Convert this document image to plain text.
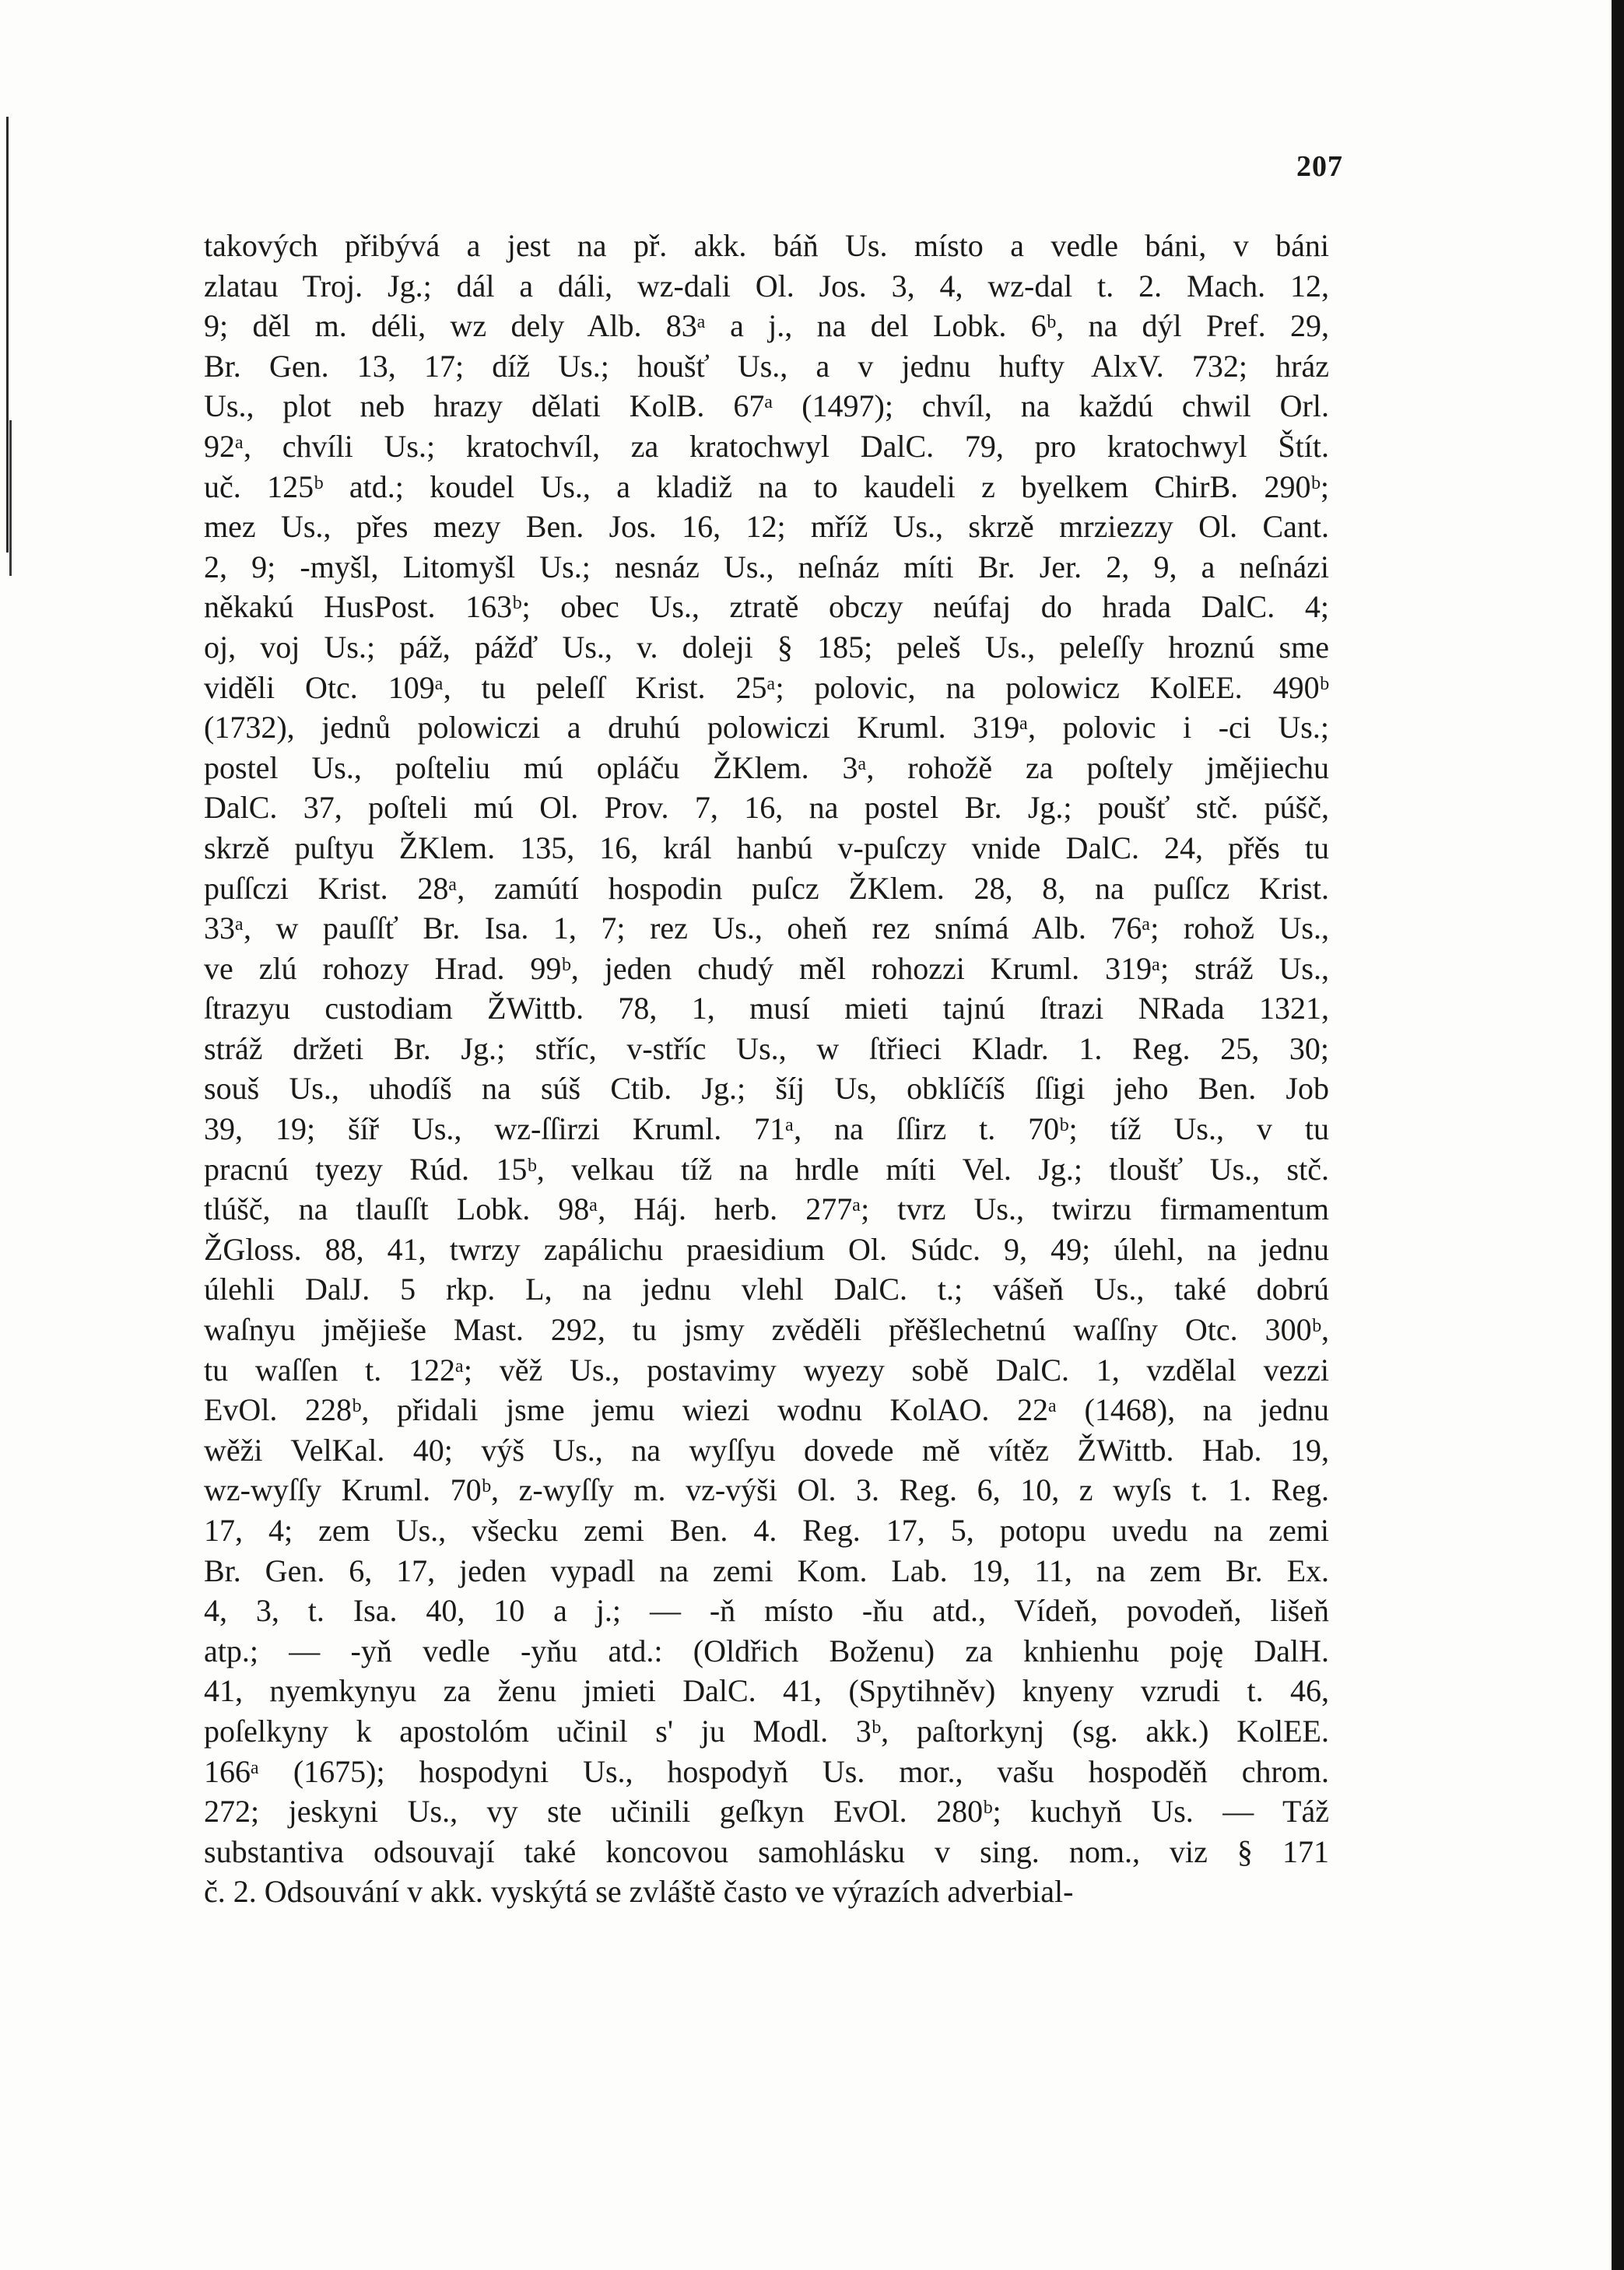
207
takových přibývá a jest na př. akk. báň Us. místo a vedle báni, v báni
zlatau Troj. Jg.; dál a dáli, wz-dali Ol. Jos. 3, 4, wz-dal t. 2. Mach. 12,
9; děl m. déli, wz dely Alb. 83ᵃ a j., na del Lobk. 6ᵇ, na dýl Pref. 29,
Br. Gen. 13, 17; díž Us.; houšť Us., a v jednu hufty AlxV. 732; hráz
Us., plot neb hrazy dělati KolB. 67ᵃ (1497); chvíl, na každú chwil Orl.
92ᵃ, chvíli Us.; kratochvíl, za kratochwyl DalC. 79, pro kratochwyl Štít.
uč. 125ᵇ atd.; koudel Us., a kladiž na to kaudeli z byelkem ChirB. 290ᵇ;
mez Us., přes mezy Ben. Jos. 16, 12; mříž Us., skrzě mrziezzy Ol. Cant.
2, 9; -myšl, Litomyšl Us.; nesnáz Us., neſnáz míti Br. Jer. 2, 9, a neſnázi
někakú HusPost. 163ᵇ; obec Us., ztratě obczy neúfaj do hrada DalC. 4;
oj, voj Us.; páž, pážď Us., v. doleji § 185; peleš Us., peleſſy hroznú sme
viděli Otc. 109ᵃ, tu peleſſ Krist. 25ᵃ; polovic, na polowicz KolEE. 490ᵇ
(1732), jednů polowiczi a druhú polowiczi Kruml. 319ᵃ, polovic i -ci Us.;
postel Us., poſteliu mú opláču ŽKlem. 3ᵃ, rohožě za poſtely jmějiechu
DalC. 37, poſteli mú Ol. Prov. 7, 16, na postel Br. Jg.; poušť stč. púšč,
skrzě puſtyu ŽKlem. 135, 16, král hanbú v-puſczy vnide DalC. 24, přěs tu
puſſczi Krist. 28ᵃ, zamútí hospodin puſcz ŽKlem. 28, 8, na puſſcz Krist.
33ᵃ, w pauſſť Br. Isa. 1, 7; rez Us., oheň rez snímá Alb. 76ᵃ; rohož Us.,
ve zlú rohozy Hrad. 99ᵇ, jeden chudý měl rohozzi Kruml. 319ᵃ; stráž Us.,
ſtrazyu custodiam ŽWittb. 78, 1, musí mieti tajnú ſtrazi NRada 1321,
stráž držeti Br. Jg.; stříc, v-stříc Us., w ſtřieci Kladr. 1. Reg. 25, 30;
souš Us., uhodíš na súš Ctib. Jg.; šíj Us, obklíčíš ſſigi jeho Ben. Job
39, 19; šíř Us., wz-ſſirzi Kruml. 71ᵃ, na ſſirz t. 70ᵇ; tíž Us., v tu
pracnú tyezy Rúd. 15ᵇ, velkau tíž na hrdle míti Vel. Jg.; tloušť Us., stč.
tlúšč, na tlauſſt Lobk. 98ᵃ, Háj. herb. 277ᵃ; tvrz Us., twirzu firmamentum
ŽGloss. 88, 41, twrzy zapálichu praesidium Ol. Súdc. 9, 49; úlehl, na jednu
úlehli DalJ. 5 rkp. L, na jednu vlehl DalC. t.; vášeň Us., také dobrú
waſnyu jmějieše Mast. 292, tu jsmy zvěděli přěšlechetnú waſſny Otc. 300ᵇ,
tu waſſen t. 122ᵃ; věž Us., postavimy wyezy sobě DalC. 1, vzdělal vezzi
EvOl. 228ᵇ, přidali jsme jemu wiezi wodnu KolAO. 22ᵃ (1468), na jednu
wěži VelKal. 40; výš Us., na wyſſyu dovede mě vítěz ŽWittb. Hab. 19,
wz-wyſſy Kruml. 70ᵇ, z-wyſſy m. vz-výši Ol. 3. Reg. 6, 10, z wyſs t. 1. Reg.
17, 4; zem Us., všecku zemi Ben. 4. Reg. 17, 5, potopu uvedu na zemi
Br. Gen. 6, 17, jeden vypadl na zemi Kom. Lab. 19, 11, na zem Br. Ex.
4, 3, t. Isa. 40, 10 a j.; — -ň místo -ňu atd., Vídeň, povodeň, lišeň
atp.; — -yň vedle -yňu atd.: (Oldřich Boženu) za knhienhu poję DalH.
41, nyemkynyu za ženu jmieti DalC. 41, (Spytihněv) knyeny vzrudi t. 46,
poſelkyny k apostolóm učinil s' ju Modl. 3ᵇ, paſtorkynj (sg. akk.) KolEE.
166ᵃ (1675); hospodyni Us., hospodyň Us. mor., vašu hospoděň chrom.
272; jeskyni Us., vy ste učinili geſkyn EvOl. 280ᵇ; kuchyň Us. — Táž
substantiva odsouvají také koncovou samohlásku v sing. nom., viz § 171
č. 2. Odsouvání v akk. vyskýtá se zvláště často ve výrazích adverbial-
